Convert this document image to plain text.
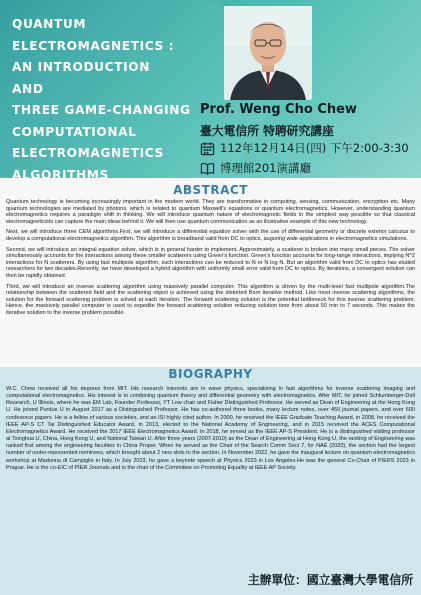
QUANTUM
ELECTROMAGNETICS :
AN INTRODUCTION
AND
THREE GAME-CHANGING
COMPUTATIONAL
ELECTROMAGNETICS
ALGORITHMS

Prof. Weng Cho Chew

臺大電信所 特聘研究講座

112年12月14日(四) 下午2:00-3:30
博理館201演講廳
ABSTRACT

Quantum technology is becoming increasingly important in the modern world. They are transformative in computing, sensing, communication, encryption etc. Many quantum technologies are mediated by photons, which is related to quantum Maxwell's equations or quantum electromagnetics. However, understanding quantum electromagnetics requires a paradigm shift in thinking. We will introduce quantum nature of electromagnetic fields in the simplest way possible so that classical electromagneticists can capture the main ideas behind it. We will then use quantum communication as an illustrative example of this new technology.

Next, we will introduce three CEM algorithms.First, we will introduce a differential equation solver with the use of differential geometry or discrete exterior calculus to develop a computational electromagnetics algorithm. This algorithm is broadband valid from DC to optics, auguring wide applications in electromagnetics simulations.

Second, we will introduce an integral equation solver, which is in general harder to implement. Approximately, a scatterer is broken into many small pieces. The solver simultaneously accounts for the interactions among these smaller scatterers using Green's function. Green's function accounts for long-range interactions, implying N^2 interactions for N scatterers. By using fast multipole algorithm, such interactions can be reduced to N or N log N. But an algorithm valid from DC to optics has eluded researchers for two decades.Recently, we have developed a hybrid algorithm with uniformly small error valid from DC to optics. By iterations, a convergent solution can then be rapidly obtained.

Third, we will introduce an inverse scattering algorithm using massively parallel computer. This algorithm is driven by the multi-level fast multipole algorithm.The relationship between the scattered field and the scattering object is achieved using the distorted Born iterative method. Like most inverse scattering algorithms, the solution for the forward scattering problem is solved at each iteration. The forward scattering solution is the potential bottleneck for this inverse scattering problem. Hence, the massively parallel computer is used to expedite the forward scattering solution reducing solution time from about 50 min to 7 seconds. This makes the iterative solution to the inverse problem possible.

BIOGRAPHY

W.C. Chew received all his degrees from MIT. His research interests are in wave physics, specializing in fast algorithms for inverse scattering imaging and computational electromagnetics. His interest is in combining quantum theory and differential geometry with electromagnetics. After MIT, he joined Schlumberger-Doll Research, U Illinois, where he was EM Lab, Founder Professor, YT Low chair and Fisher Distinguished Professor. He served as Dean of Engineering at the Hong Kong U. He joined Purdue U in August 2017 as a Distinguished Professor. He has co-authored three books, many lecture notes, over 450 journal papers, and over 600 conference papers. He is a fellow of various societies, and an ISI highly cited author. In 2000, he received the IEEE Graduate Teaching Award, in 2008, he received the IEEE AP-S CT Tai Distinguished Educator Award, in 2013, elected to the National Academy of Engineering, and in 2015 received the ACES Computational Electromagnetics Award. He received the 2017 IEEE Electromagnetics Award. In 2018, he served as the IEEE AP-S President. He is a distinguished visiting professor at Tsinghua U, China, Hong Kong U, and National Taiwan U. After three years (2007-2010) as the Dean of Engineering at Hong Kong U, the ranking of Engineering was ranked first among the engineering faculties in China Proper. When he served as the Chair of the Search Comm Sect 7, for NAE (2020), the section had the largest number of under-represented nominees, which brought about 2 new slots to the section. In November 2022, he gave the inaugural lecture on quantum electromagnetics workshop at Madonna di Campiglio in Italy. In July 2023, he gave a keynote speech at Physics 2023 in Los Angeles.He was the general Co-Chair of PIERS 2023 in Prague. He is the co-EIC of PIER Journals and is the chair of the Committee on Promoting Equality at IEEE AP Society.

主辦單位：國立臺灣大學電信所
